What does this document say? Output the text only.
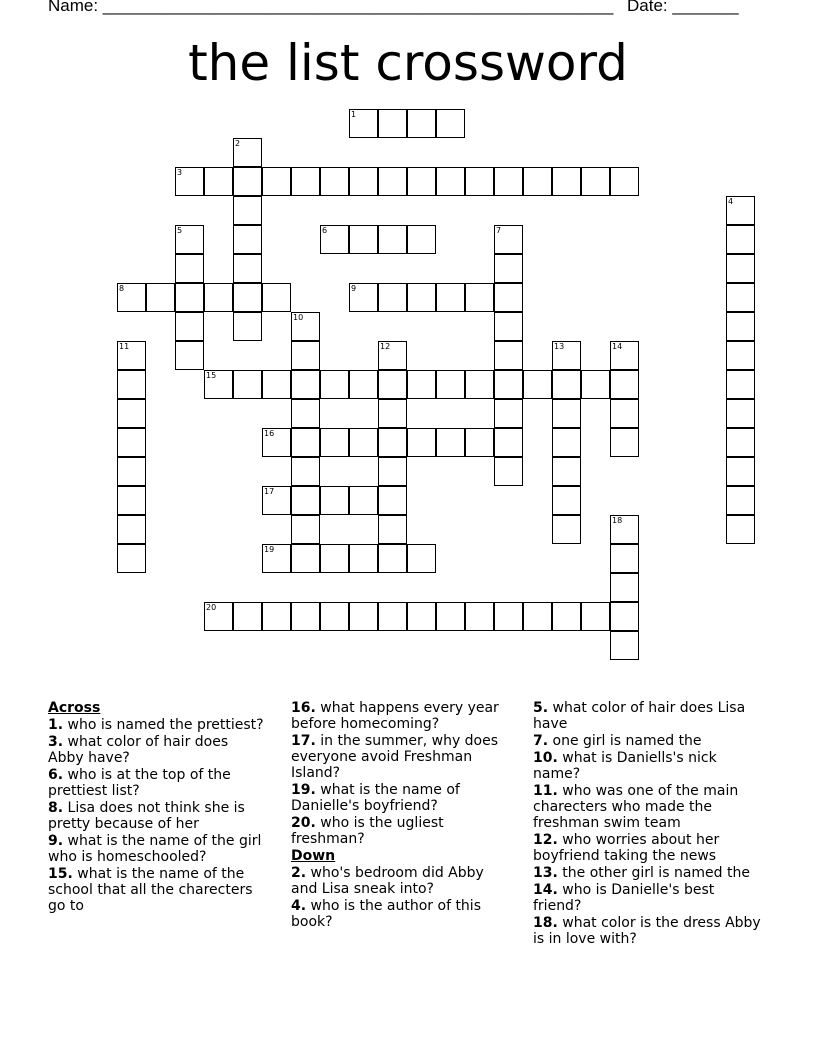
Name: ______________________________________________________ Date: _______
the list crossword
1
2
3
4
5	6	7
8	9
10
11	12	13	14
15
16
17
18
19
20
Across
1. who is named the prettiest?
3. what color of hair does Abby have?
6. who is at the top of the prettiest list?
8. Lisa does not think she is pretty because of her
9. what is the name of the girl who is homeschooled?
15. what is the name of the school that all the charecters go to
16. what happens every year before homecoming?
17. in the summer, why does everyone avoid Freshman Island?
19. what is the name of Danielle's boyfriend?
20. who is the ugliest freshman?
Down
2. who's bedroom did Abby and Lisa sneak into?
4. who is the author of this book?
5. what color of hair does Lisa have
7. one girl is named the
10. what is Daniells's nick name?
11. who was one of the main charecters who made the freshman swim team
12. who worries about her boyfriend taking the news
13. the other girl is named the
14. who is Danielle's best friend?
18. what color is the dress Abby is in love with?
